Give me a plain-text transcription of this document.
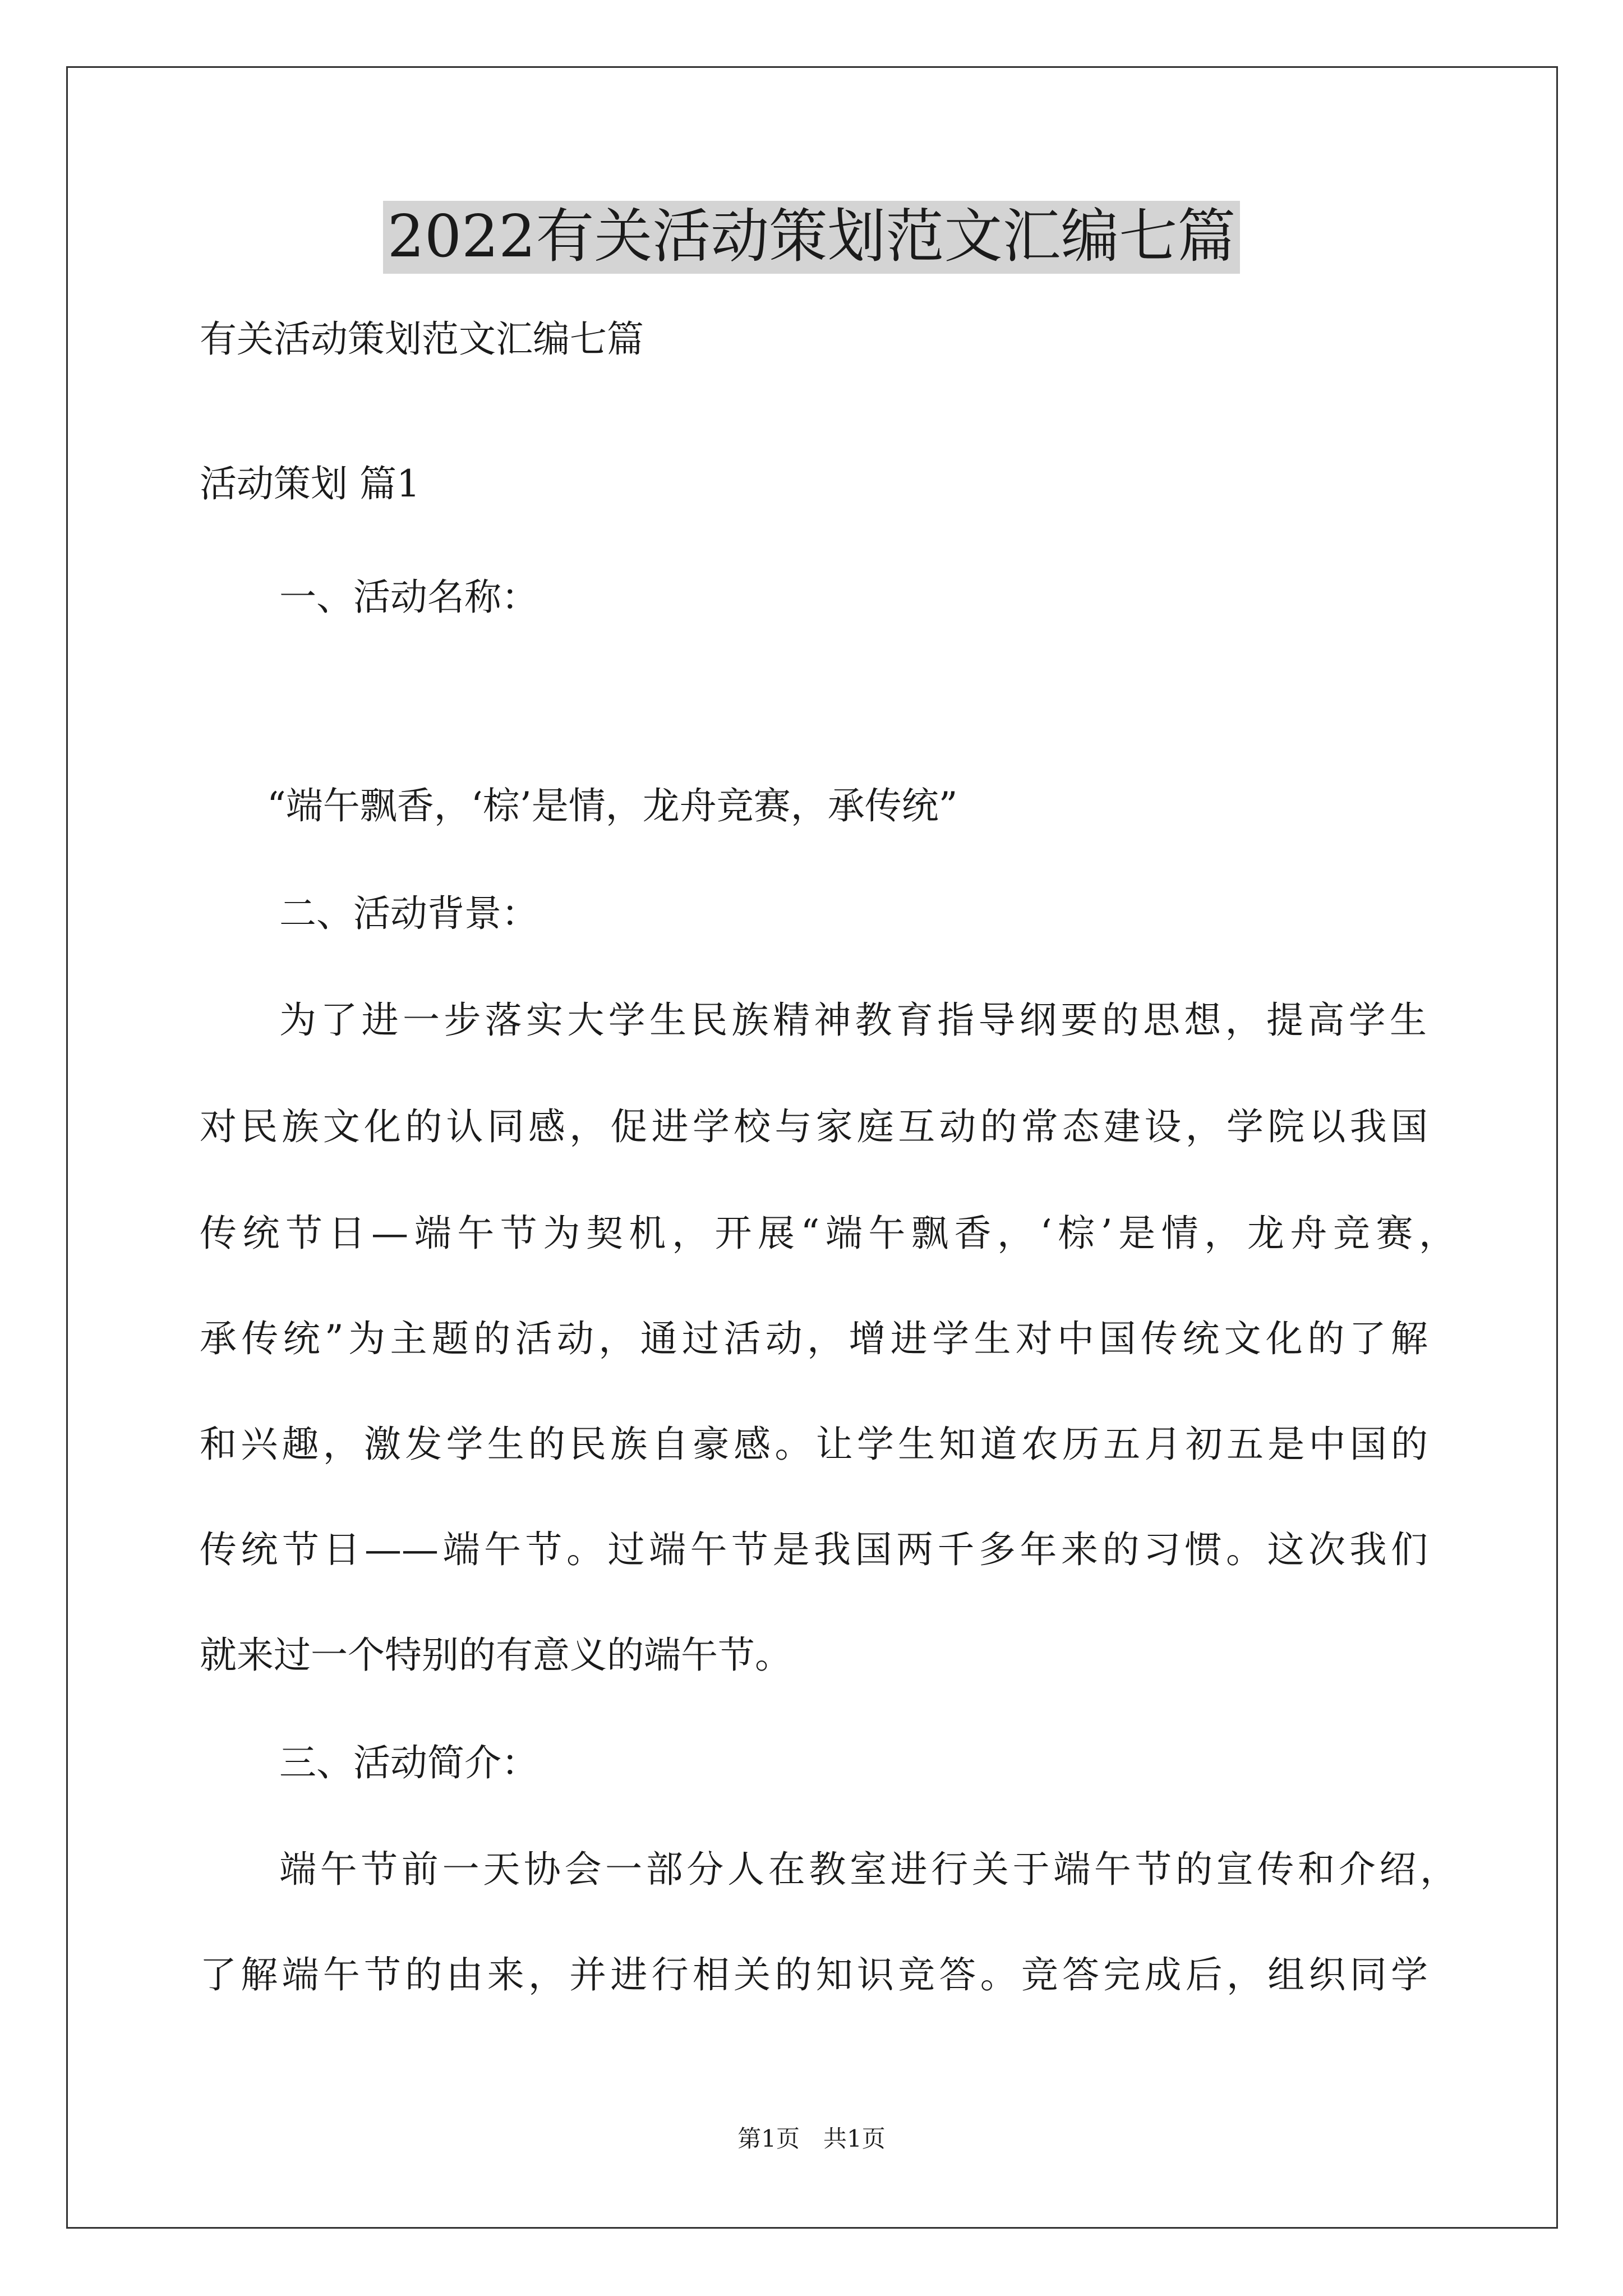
2022有关活动策划范文汇编七篇
有关活动策划范文汇编七篇
活动策划 篇1
一、活动名称：
“端午飘香，‘棕’是情，龙舟竞赛，承传统”
二、活动背景：
为了进一步落实大学生民族精神教育指导纲要的思想，提高学生
对民族文化的认同感，促进学校与家庭互动的常态建设，学院以我国
传统节日—端午节为契机，开展“端午飘香，‘棕’是情，龙舟竞赛，
承传统”为主题的活动，通过活动，增进学生对中国传统文化的了解
和兴趣，激发学生的民族自豪感。让学生知道农历五月初五是中国的
传统节日——端午节。过端午节是我国两千多年来的习惯。这次我们
就来过一个特别的有意义的端午节。
三、活动简介：
端午节前一天协会一部分人在教室进行关于端午节的宣传和介绍，
了解端午节的由来，并进行相关的知识竞答。竞答完成后，组织同学
第1页　共1页
